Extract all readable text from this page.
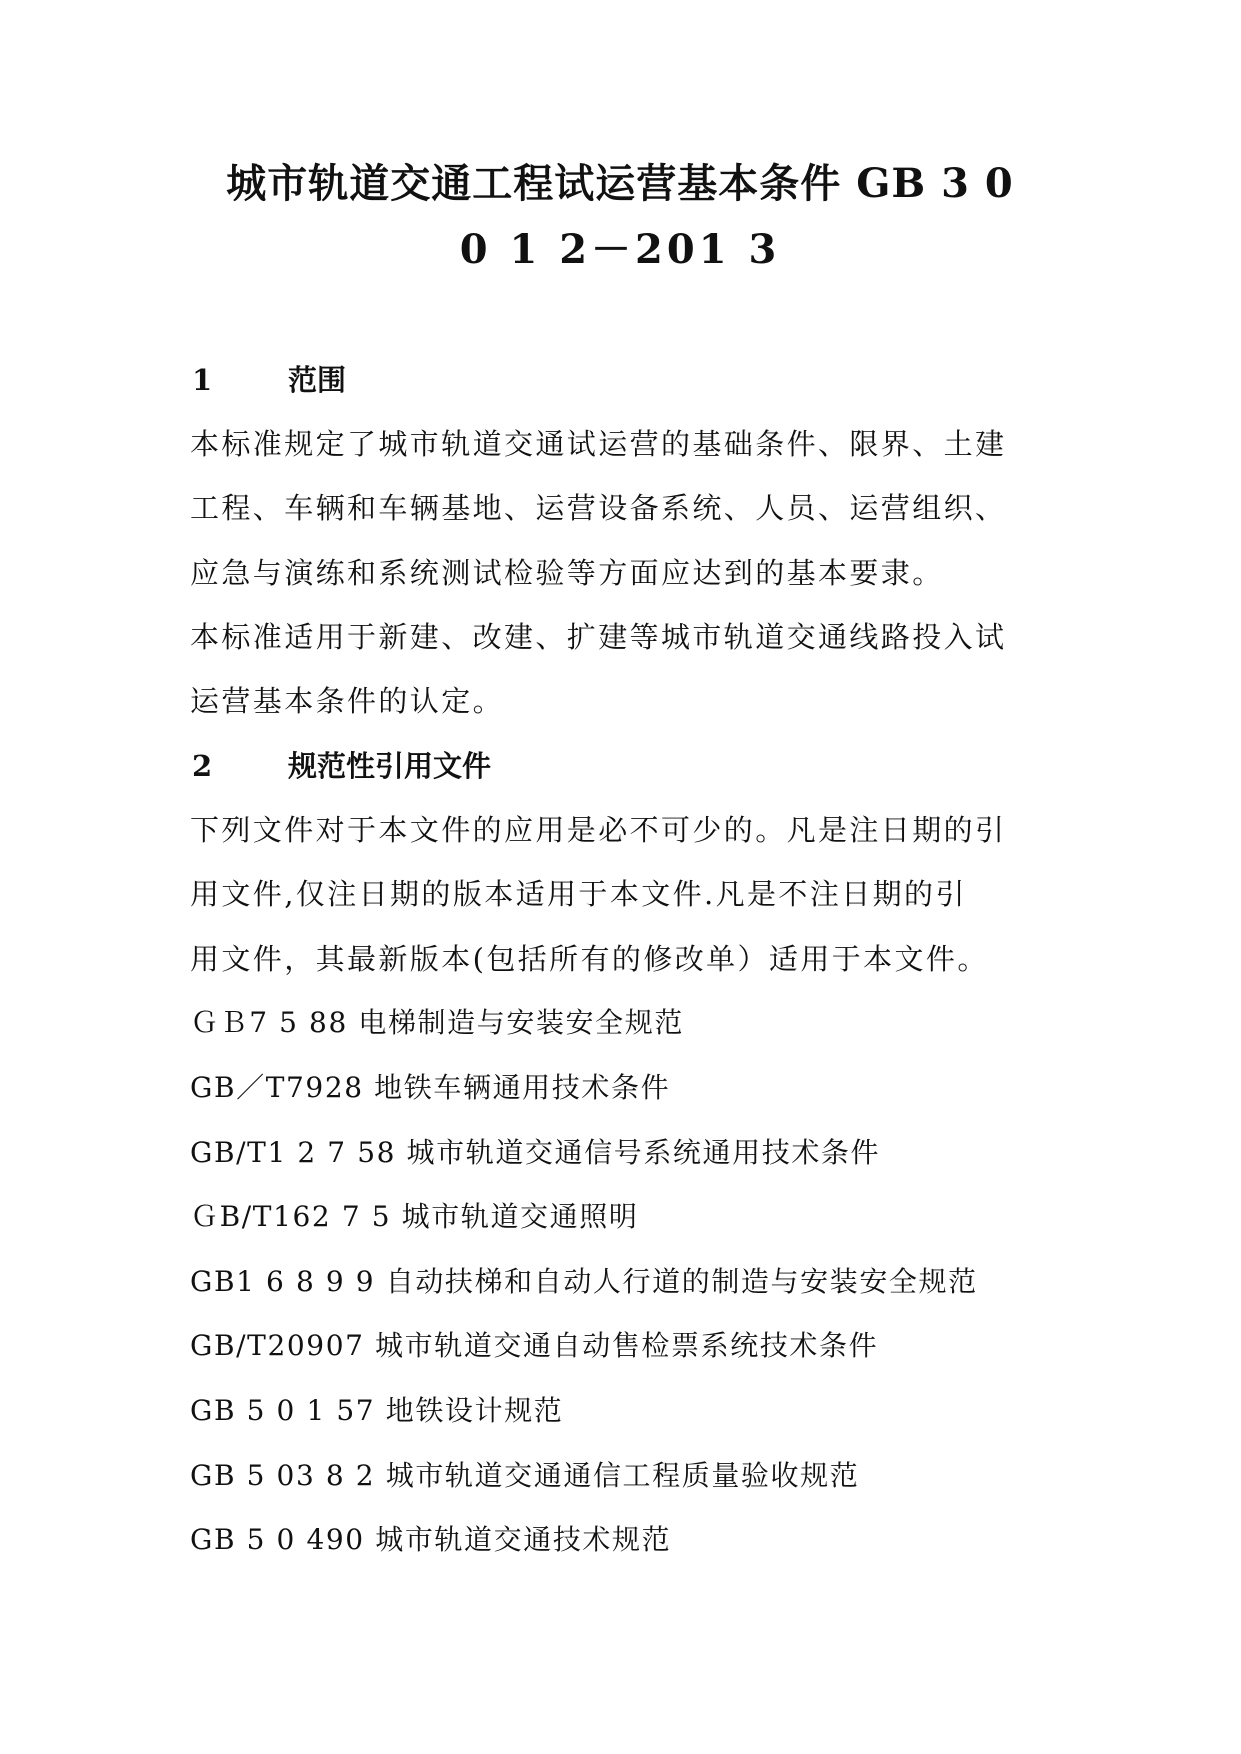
城市轨道交通工程试运营基本条件 GB 3 0
0 1 2－201 3
1	范围
本标准规定了城市轨道交通试运营的基础条件、限界、土建
工程、车辆和车辆基地、运营设备系统、人员、运营组织、
应急与演练和系统测试检验等方面应达到的基本要隶。
本标准适用于新建、改建、扩建等城市轨道交通线路投入试
运营基本条件的认定。
2	规范性引用文件
下列文件对于本文件的应用是必不可少的。凡是注日期的引
用文件,仅注日期的版本适用于本文件.凡是不注日期的引
用文件，其最新版本(包括所有的修改单）适用于本文件。
ＧＢ7 5 88 电梯制造与安装安全规范
GB／T7928 地铁车辆通用技术条件
GB/T1 2 7 58 城市轨道交通信号系统通用技术条件
ＧB/T162 7 5 城市轨道交通照明
GB1 6 8 9 9 自动扶梯和自动人行道的制造与安装安全规范
GB/T20907 城市轨道交通自动售检票系统技术条件
GB 5 0 1 57 地铁设计规范
GB 5 03 8 2 城市轨道交通通信工程质量验收规范
GB 5 0 490 城市轨道交通技术规范
